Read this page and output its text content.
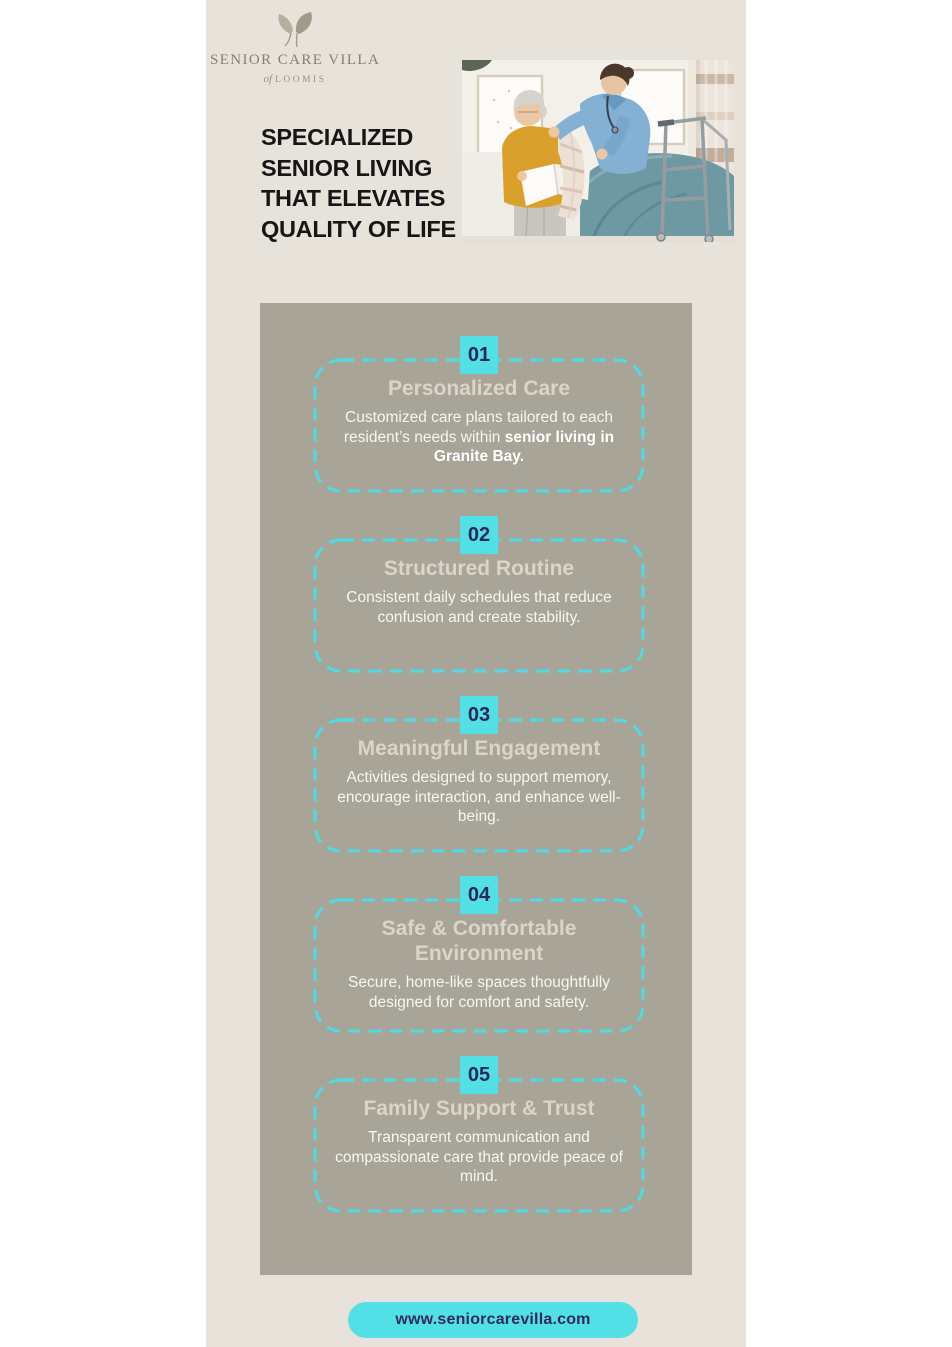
SENIOR CARE VILLA
of LOOMIS
SPECIALIZED
SENIOR LIVING
THAT ELEVATES
QUALITY OF LIFE
01
Personalized Care
Customized care plans tailored to each resident’s needs within senior living in Granite Bay.
02
Structured Routine
Consistent daily schedules that reduce confusion and create stability.
03
Meaningful Engagement
Activities designed to support memory, encourage interaction, and enhance well-being.
04
Safe & Comfortable Environment
Secure, home-like spaces thoughtfully designed for comfort and safety.
05
Family Support & Trust
Transparent communication and compassionate care that provide peace of mind.
www.seniorcarevilla.com
